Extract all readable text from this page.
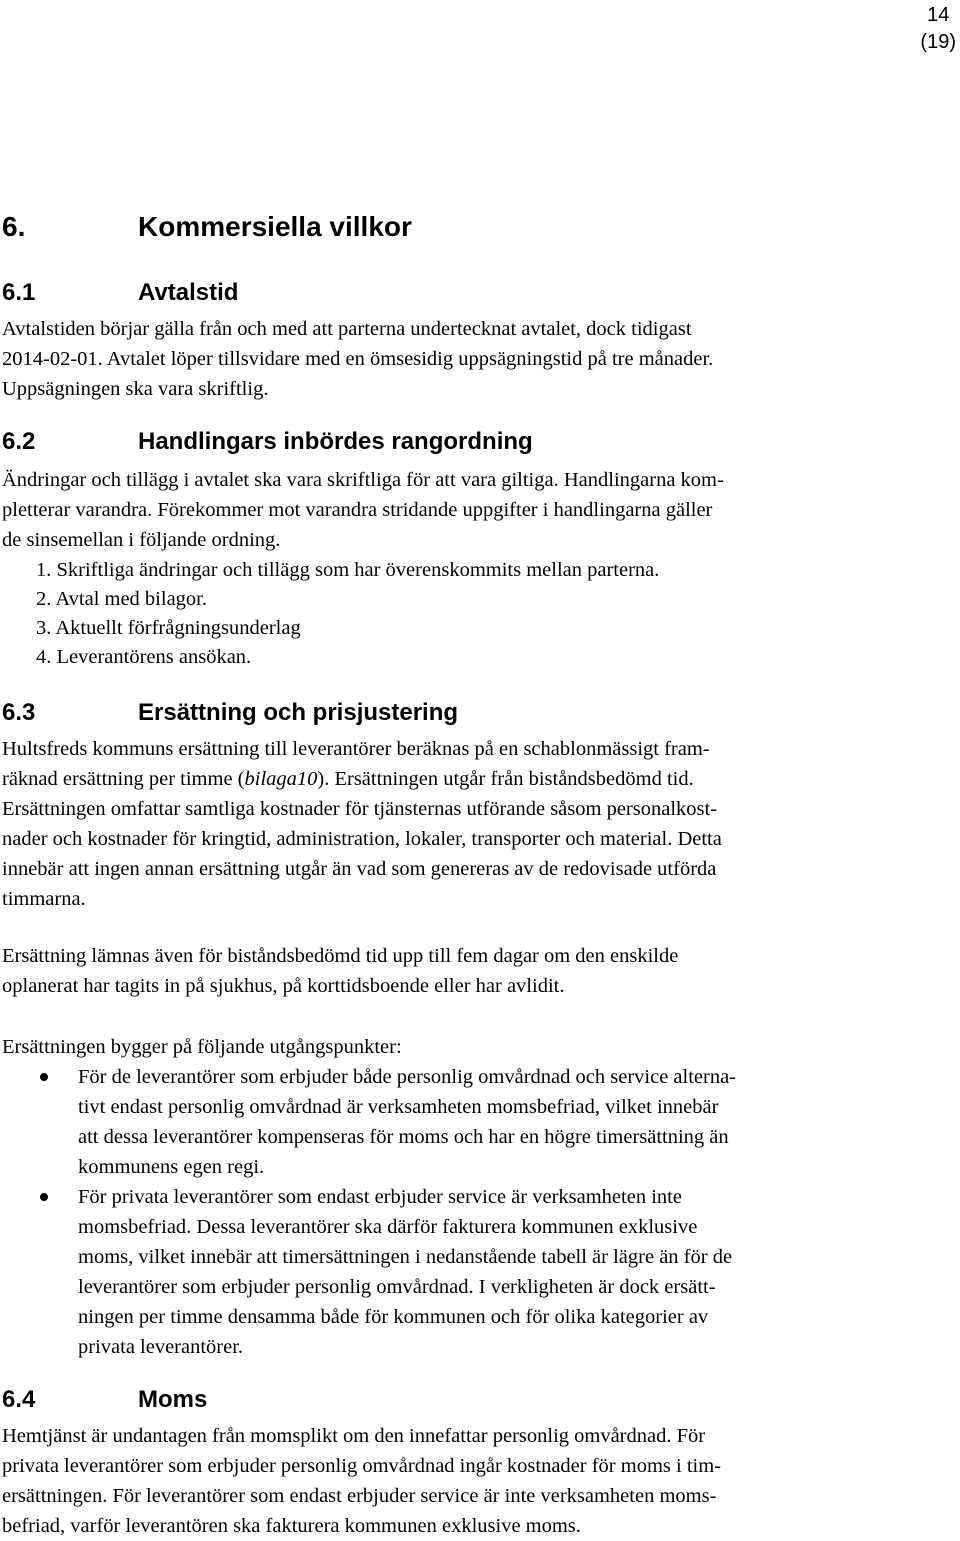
14
(19)
6.	Kommersiella villkor
6.1	Avtalstid
Avtalstiden börjar gälla från och med att parterna undertecknat avtalet, dock tidigast
2014-02-01. Avtalet löper tillsvidare med en ömsesidig uppsägningstid på tre månader.
Uppsägningen ska vara skriftlig.
6.2	Handlingars inbördes rangordning
Ändringar och tillägg i avtalet ska vara skriftliga för att vara giltiga. Handlingarna kom-
pletterar varandra. Förekommer mot varandra stridande uppgifter i handlingarna gäller
de sinsemellan i följande ordning.
1. Skriftliga ändringar och tillägg som har överenskommits mellan parterna.
2. Avtal med bilagor.
3. Aktuellt förfrågningsunderlag
4. Leverantörens ansökan.
6.3	Ersättning och prisjustering
Hultsfreds kommuns ersättning till leverantörer beräknas på en schablonmässigt fram-
räknad ersättning per timme (bilaga10). Ersättningen utgår från biståndsbedömd tid.
Ersättningen omfattar samtliga kostnader för tjänsternas utförande såsom personalkost-
nader och kostnader för kringtid, administration, lokaler, transporter och material. Detta
innebär att ingen annan ersättning utgår än vad som genereras av de redovisade utförda
timmarna.
Ersättning lämnas även för biståndsbedömd tid upp till fem dagar om den enskilde
oplanerat har tagits in på sjukhus, på korttidsboende eller har avlidit.
Ersättningen bygger på följande utgångspunkter:
För de leverantörer som erbjuder både personlig omvårdnad och service alterna-
tivt endast personlig omvårdnad är verksamheten momsbefriad, vilket innebär
att dessa leverantörer kompenseras för moms och har en högre timersättning än
kommunens egen regi.
För privata leverantörer som endast erbjuder service är verksamheten inte
momsbefriad. Dessa leverantörer ska därför fakturera kommunen exklusive
moms, vilket innebär att timersättningen i nedanstående tabell är lägre än för de
leverantörer som erbjuder personlig omvårdnad. I verkligheten är dock ersätt-
ningen per timme densamma både för kommunen och för olika kategorier av
privata leverantörer.
6.4	Moms
Hemtjänst är undantagen från momsplikt om den innefattar personlig omvårdnad. För
privata leverantörer som erbjuder personlig omvårdnad ingår kostnader för moms i tim-
ersättningen. För leverantörer som endast erbjuder service är inte verksamheten moms-
befriad, varför leverantören ska fakturera kommunen exklusive moms.
